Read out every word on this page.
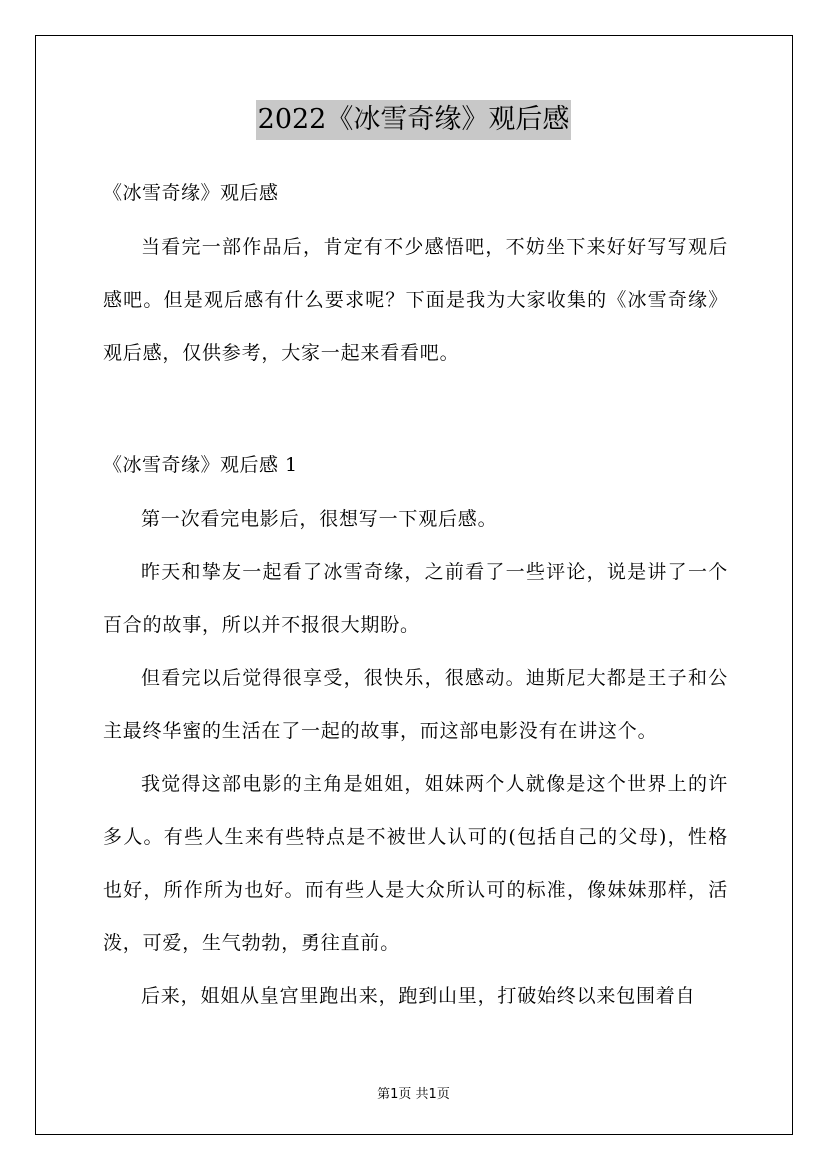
2022《冰雪奇缘》观后感
《冰雪奇缘》观后感

当看完一部作品后，肯定有不少感悟吧，不妨坐下来好好写写观后感吧。但是观后感有什么要求呢？下面是我为大家收集的《冰雪奇缘》观后感，仅供参考，大家一起来看看吧。

《冰雪奇缘》观后感 1

第一次看完电影后，很想写一下观后感。

昨天和挚友一起看了冰雪奇缘，之前看了一些评论，说是讲了一个百合的故事，所以并不报很大期盼。

但看完以后觉得很享受，很快乐，很感动。迪斯尼大都是王子和公主最终华蜜的生活在了一起的故事，而这部电影没有在讲这个。

我觉得这部电影的主角是姐姐，姐妹两个人就像是这个世界上的许多人。有些人生来有些特点是不被世人认可的(包括自己的父母)，性格也好，所作所为也好。而有些人是大众所认可的标准，像妹妹那样，活泼，可爱，生气勃勃，勇往直前。

后来，姐姐从皇宫里跑出来，跑到山里，打破始终以来包围着自

第1页 共1页
